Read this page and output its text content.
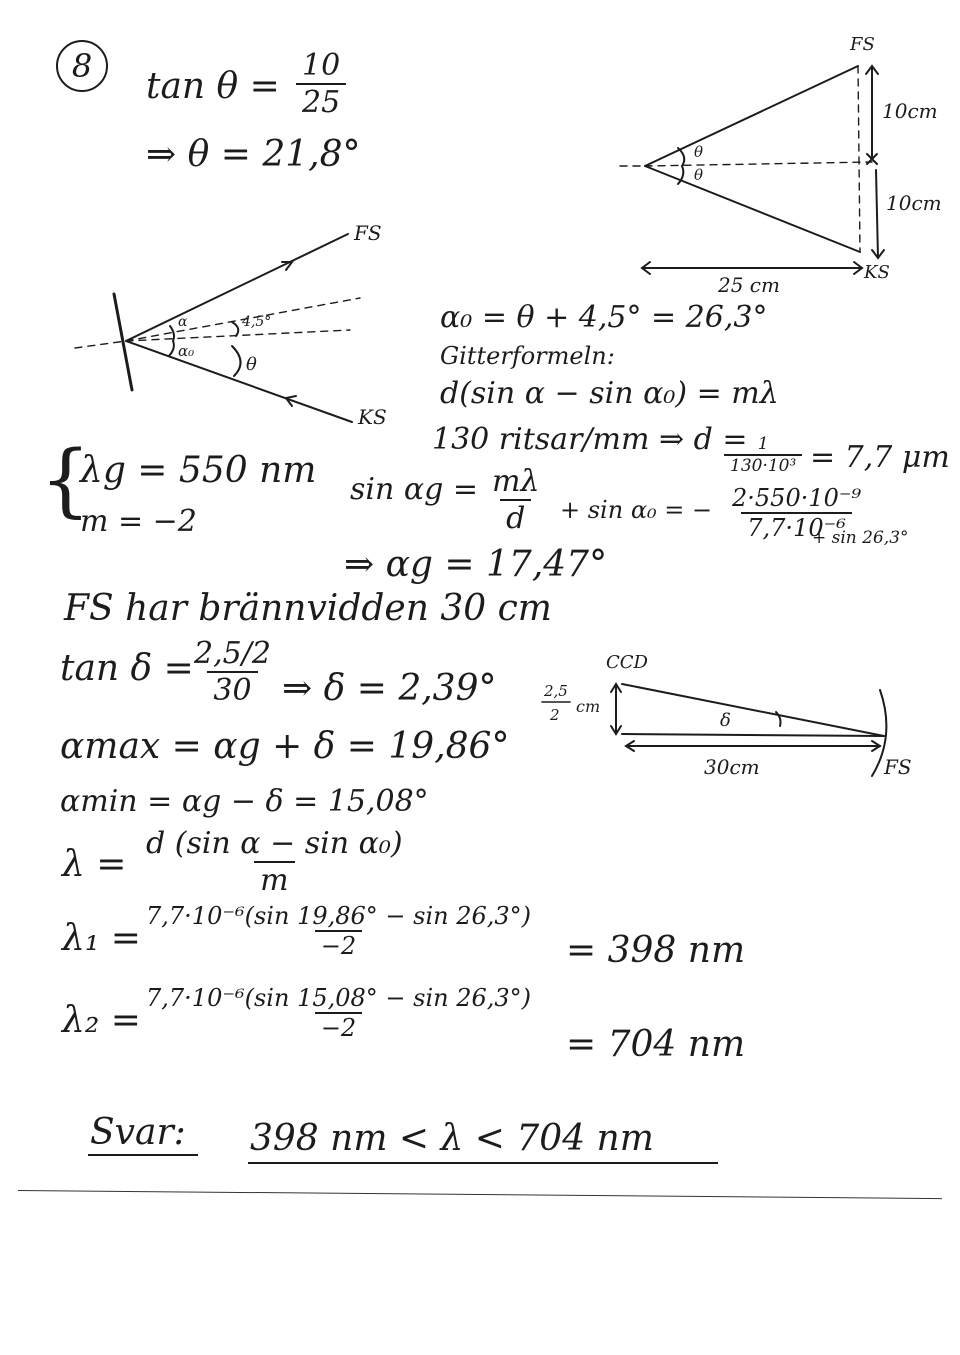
8 $\tan \theta = \frac{10}{25}$
⇒ θ = 21,8°	θ
θ
FS
KS
10cm
10cm
25 cm
α
α₀
4,5°
θ
FS
KS
α₀ = θ + 4,5° = 26,3°
Gitterformeln:
d(sin α − sin α₀) = mλ
130 ritsar/mm ⇒ d =
$\frac{1}{\text{130·10³}} = 7,7$ μm
{
λg = 550 nm
m = −2
$\sin \alpha g = \frac{m\lambda}{d} + \sin \alpha_0$ = − $\frac{\text{2·550·10⁻⁹}}{\text{7,7·10⁻⁶}}$
+ sin 26,3°
⇒ αg = 17,47°
FS har brännvidden 30 cm
tan δ =
$\frac{2,5/2}{30}$ ⇒ δ = 2,39°
CCD
δ
2,5
2 cm
30cm	FS
αmax = αg + δ = 19,86°
αmin = αg − δ = 15,08°
$\lambda = \frac{\text{d (sin α − sin α₀)}}{m}$
$\lambda_1 = \frac{\text{7,7·10⁻⁶(sin 19,86° − sin 26,3°)}}{-2} = 398$ nm
$\lambda_2 = \frac{\text{7,7·10⁻⁶(sin 15,08° − sin 26,3°)}}{-2}$
= 704 nm
Svar: 398 nm < λ < 704 nm
